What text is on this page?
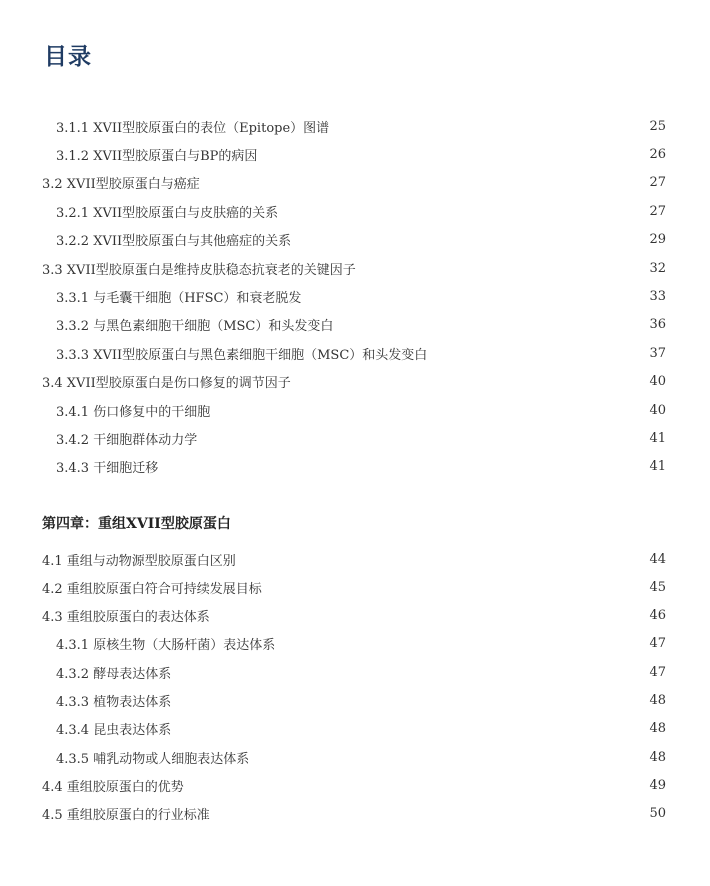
目录
3.1.1 XVII型胶原蛋白的表位（Epitope）图谱	25
3.1.2 XVII型胶原蛋白与BP的病因	26
3.2 XVII型胶原蛋白与癌症	27
3.2.1 XVII型胶原蛋白与皮肤癌的关系	27
3.2.2 XVII型胶原蛋白与其他癌症的关系	29
3.3 XVII型胶原蛋白是维持皮肤稳态抗衰老的关键因子	32
3.3.1 与毛囊干细胞（HFSC）和衰老脱发	33
3.3.2 与黑色素细胞干细胞（MSC）和头发变白	36
3.3.3 XVII型胶原蛋白与黑色素细胞干细胞（MSC）和头发变白	37
3.4 XVII型胶原蛋白是伤口修复的调节因子	40
3.4.1 伤口修复中的干细胞	40
3.4.2 干细胞群体动力学	41
3.4.3 干细胞迁移	41
第四章：重组XVII型胶原蛋白
4.1 重组与动物源型胶原蛋白区别	44
4.2 重组胶原蛋白符合可持续发展目标	45
4.3 重组胶原蛋白的表达体系	46
4.3.1 原核生物（大肠杆菌）表达体系	47
4.3.2 酵母表达体系	47
4.3.3 植物表达体系	48
4.3.4 昆虫表达体系	48
4.3.5 哺乳动物或人细胞表达体系	48
4.4 重组胶原蛋白的优势	49
4.5 重组胶原蛋白的行业标准	50
